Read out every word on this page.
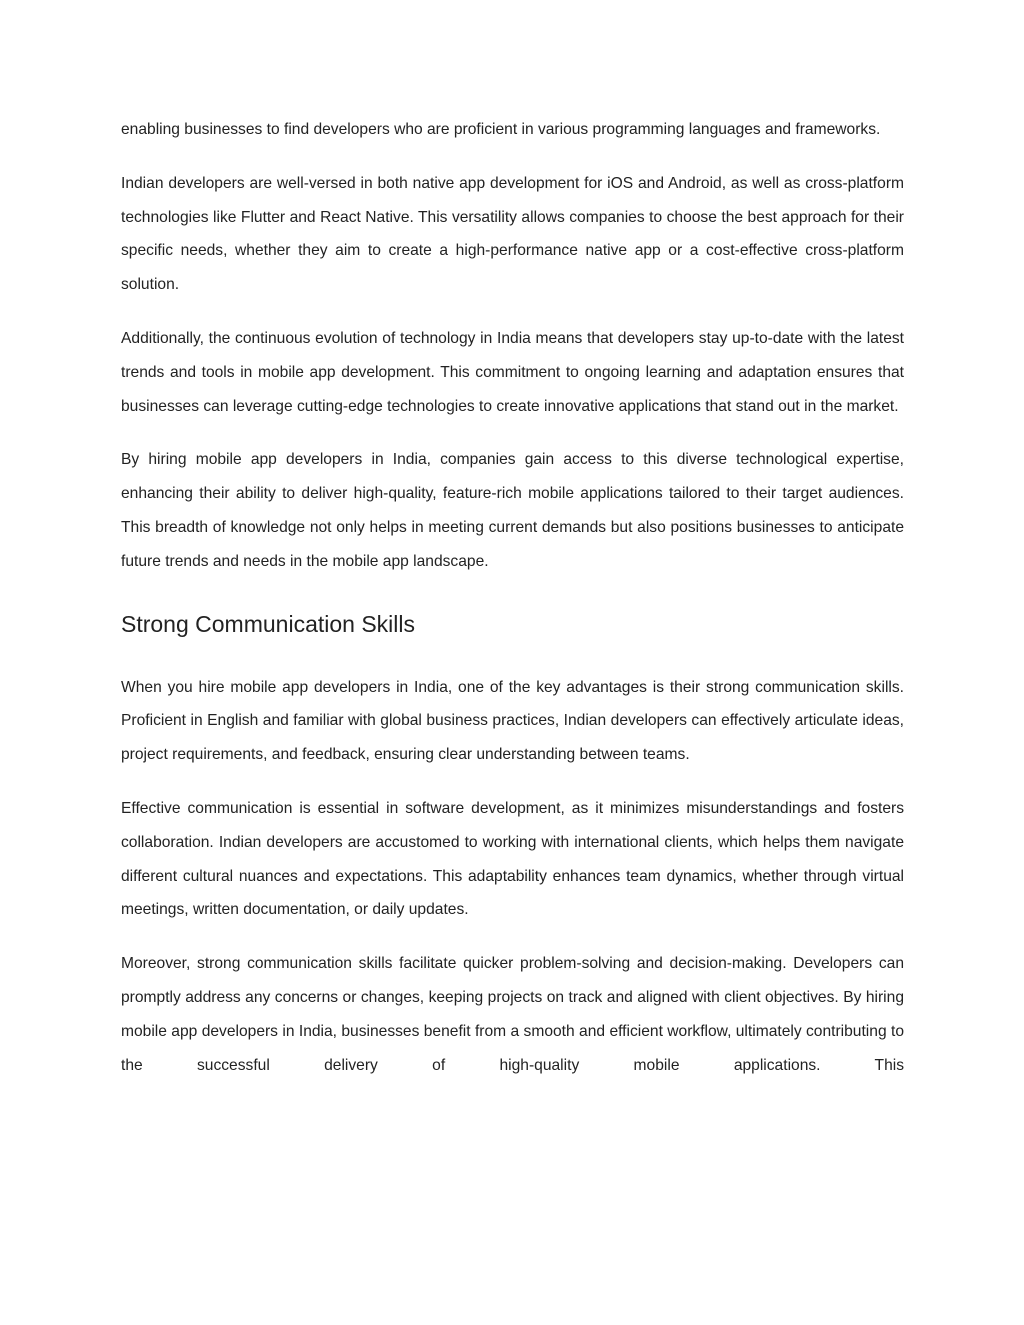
enabling businesses to find developers who are proficient in various programming languages and frameworks.

Indian developers are well-versed in both native app development for iOS and Android, as well as cross-platform technologies like Flutter and React Native. This versatility allows companies to choose the best approach for their specific needs, whether they aim to create a high-performance native app or a cost-effective cross-platform solution.

Additionally, the continuous evolution of technology in India means that developers stay up-to-date with the latest trends and tools in mobile app development. This commitment to ongoing learning and adaptation ensures that businesses can leverage cutting-edge technologies to create innovative applications that stand out in the market.

By hiring mobile app developers in India, companies gain access to this diverse technological expertise, enhancing their ability to deliver high-quality, feature-rich mobile applications tailored to their target audiences. This breadth of knowledge not only helps in meeting current demands but also positions businesses to anticipate future trends and needs in the mobile app landscape.

Strong Communication Skills

When you hire mobile app developers in India, one of the key advantages is their strong communication skills. Proficient in English and familiar with global business practices, Indian developers can effectively articulate ideas, project requirements, and feedback, ensuring clear understanding between teams.

Effective communication is essential in software development, as it minimizes misunderstandings and fosters collaboration. Indian developers are accustomed to working with international clients, which helps them navigate different cultural nuances and expectations. This adaptability enhances team dynamics, whether through virtual meetings, written documentation, or daily updates.

Moreover, strong communication skills facilitate quicker problem-solving and decision-making. Developers can promptly address any concerns or changes, keeping projects on track and aligned with client objectives. By hiring mobile app developers in India, businesses benefit from a smooth and efficient workflow, ultimately contributing to the successful delivery of high-quality mobile applications. This
